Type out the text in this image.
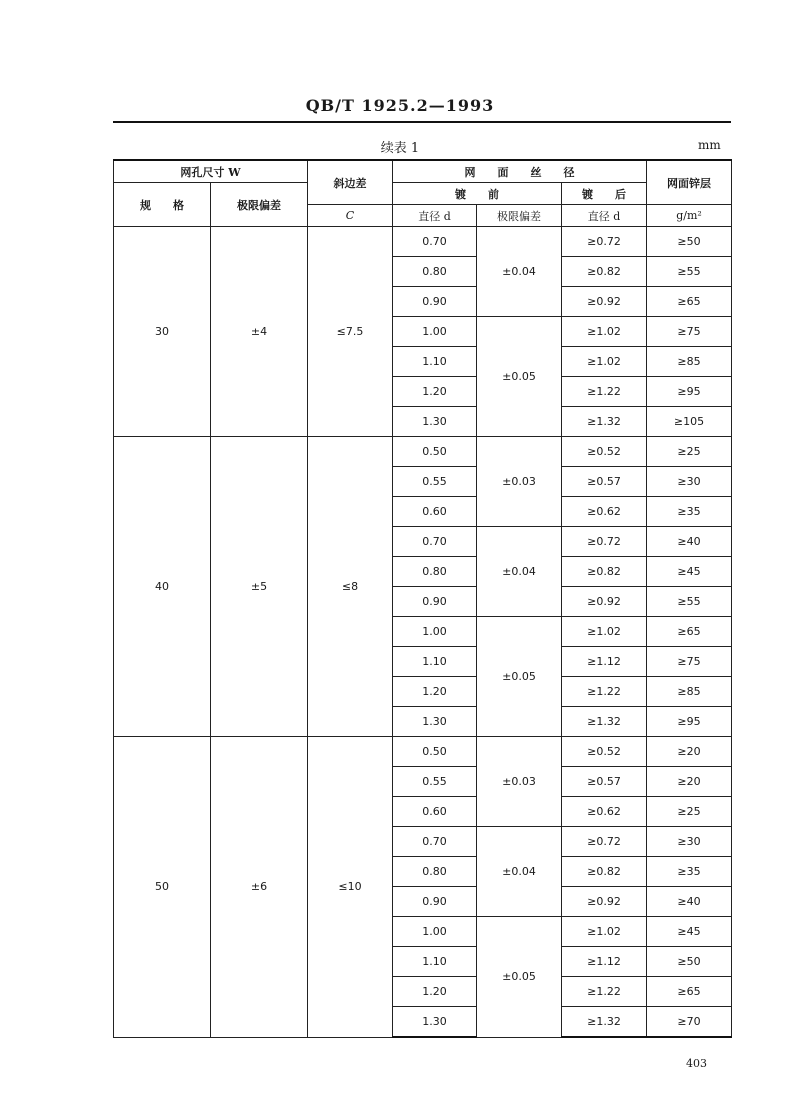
QB/T 1925.2—1993
续表 1	mm
网孔尺寸 W		斜边差	网　　面　　丝　　径			网面锌层
规　　格	极限偏差		镀　　前		镀　　后	
		C	直径 d	极限偏差	直径 d	g/m²
30	±4	≤7.5	0.70	±0.04	≥0.72	≥50
			0.80		≥0.82	≥55
			0.90		≥0.92	≥65
			1.00	±0.05	≥1.02	≥75
			1.10		≥1.02	≥85
			1.20		≥1.22	≥95
			1.30		≥1.32	≥105
40	±5	≤8	0.50	±0.03	≥0.52	≥25
			0.55		≥0.57	≥30
			0.60		≥0.62	≥35
			0.70	±0.04	≥0.72	≥40
			0.80		≥0.82	≥45
			0.90		≥0.92	≥55
			1.00	±0.05	≥1.02	≥65
			1.10		≥1.12	≥75
			1.20		≥1.22	≥85
			1.30		≥1.32	≥95
50	±6	≤10	0.50	±0.03	≥0.52	≥20
			0.55		≥0.57	≥20
			0.60		≥0.62	≥25
			0.70	±0.04	≥0.72	≥30
			0.80		≥0.82	≥35
			0.90		≥0.92	≥40
			1.00	±0.05	≥1.02	≥45
			1.10		≥1.12	≥50
			1.20		≥1.22	≥65
			1.30		≥1.32	≥70
403
